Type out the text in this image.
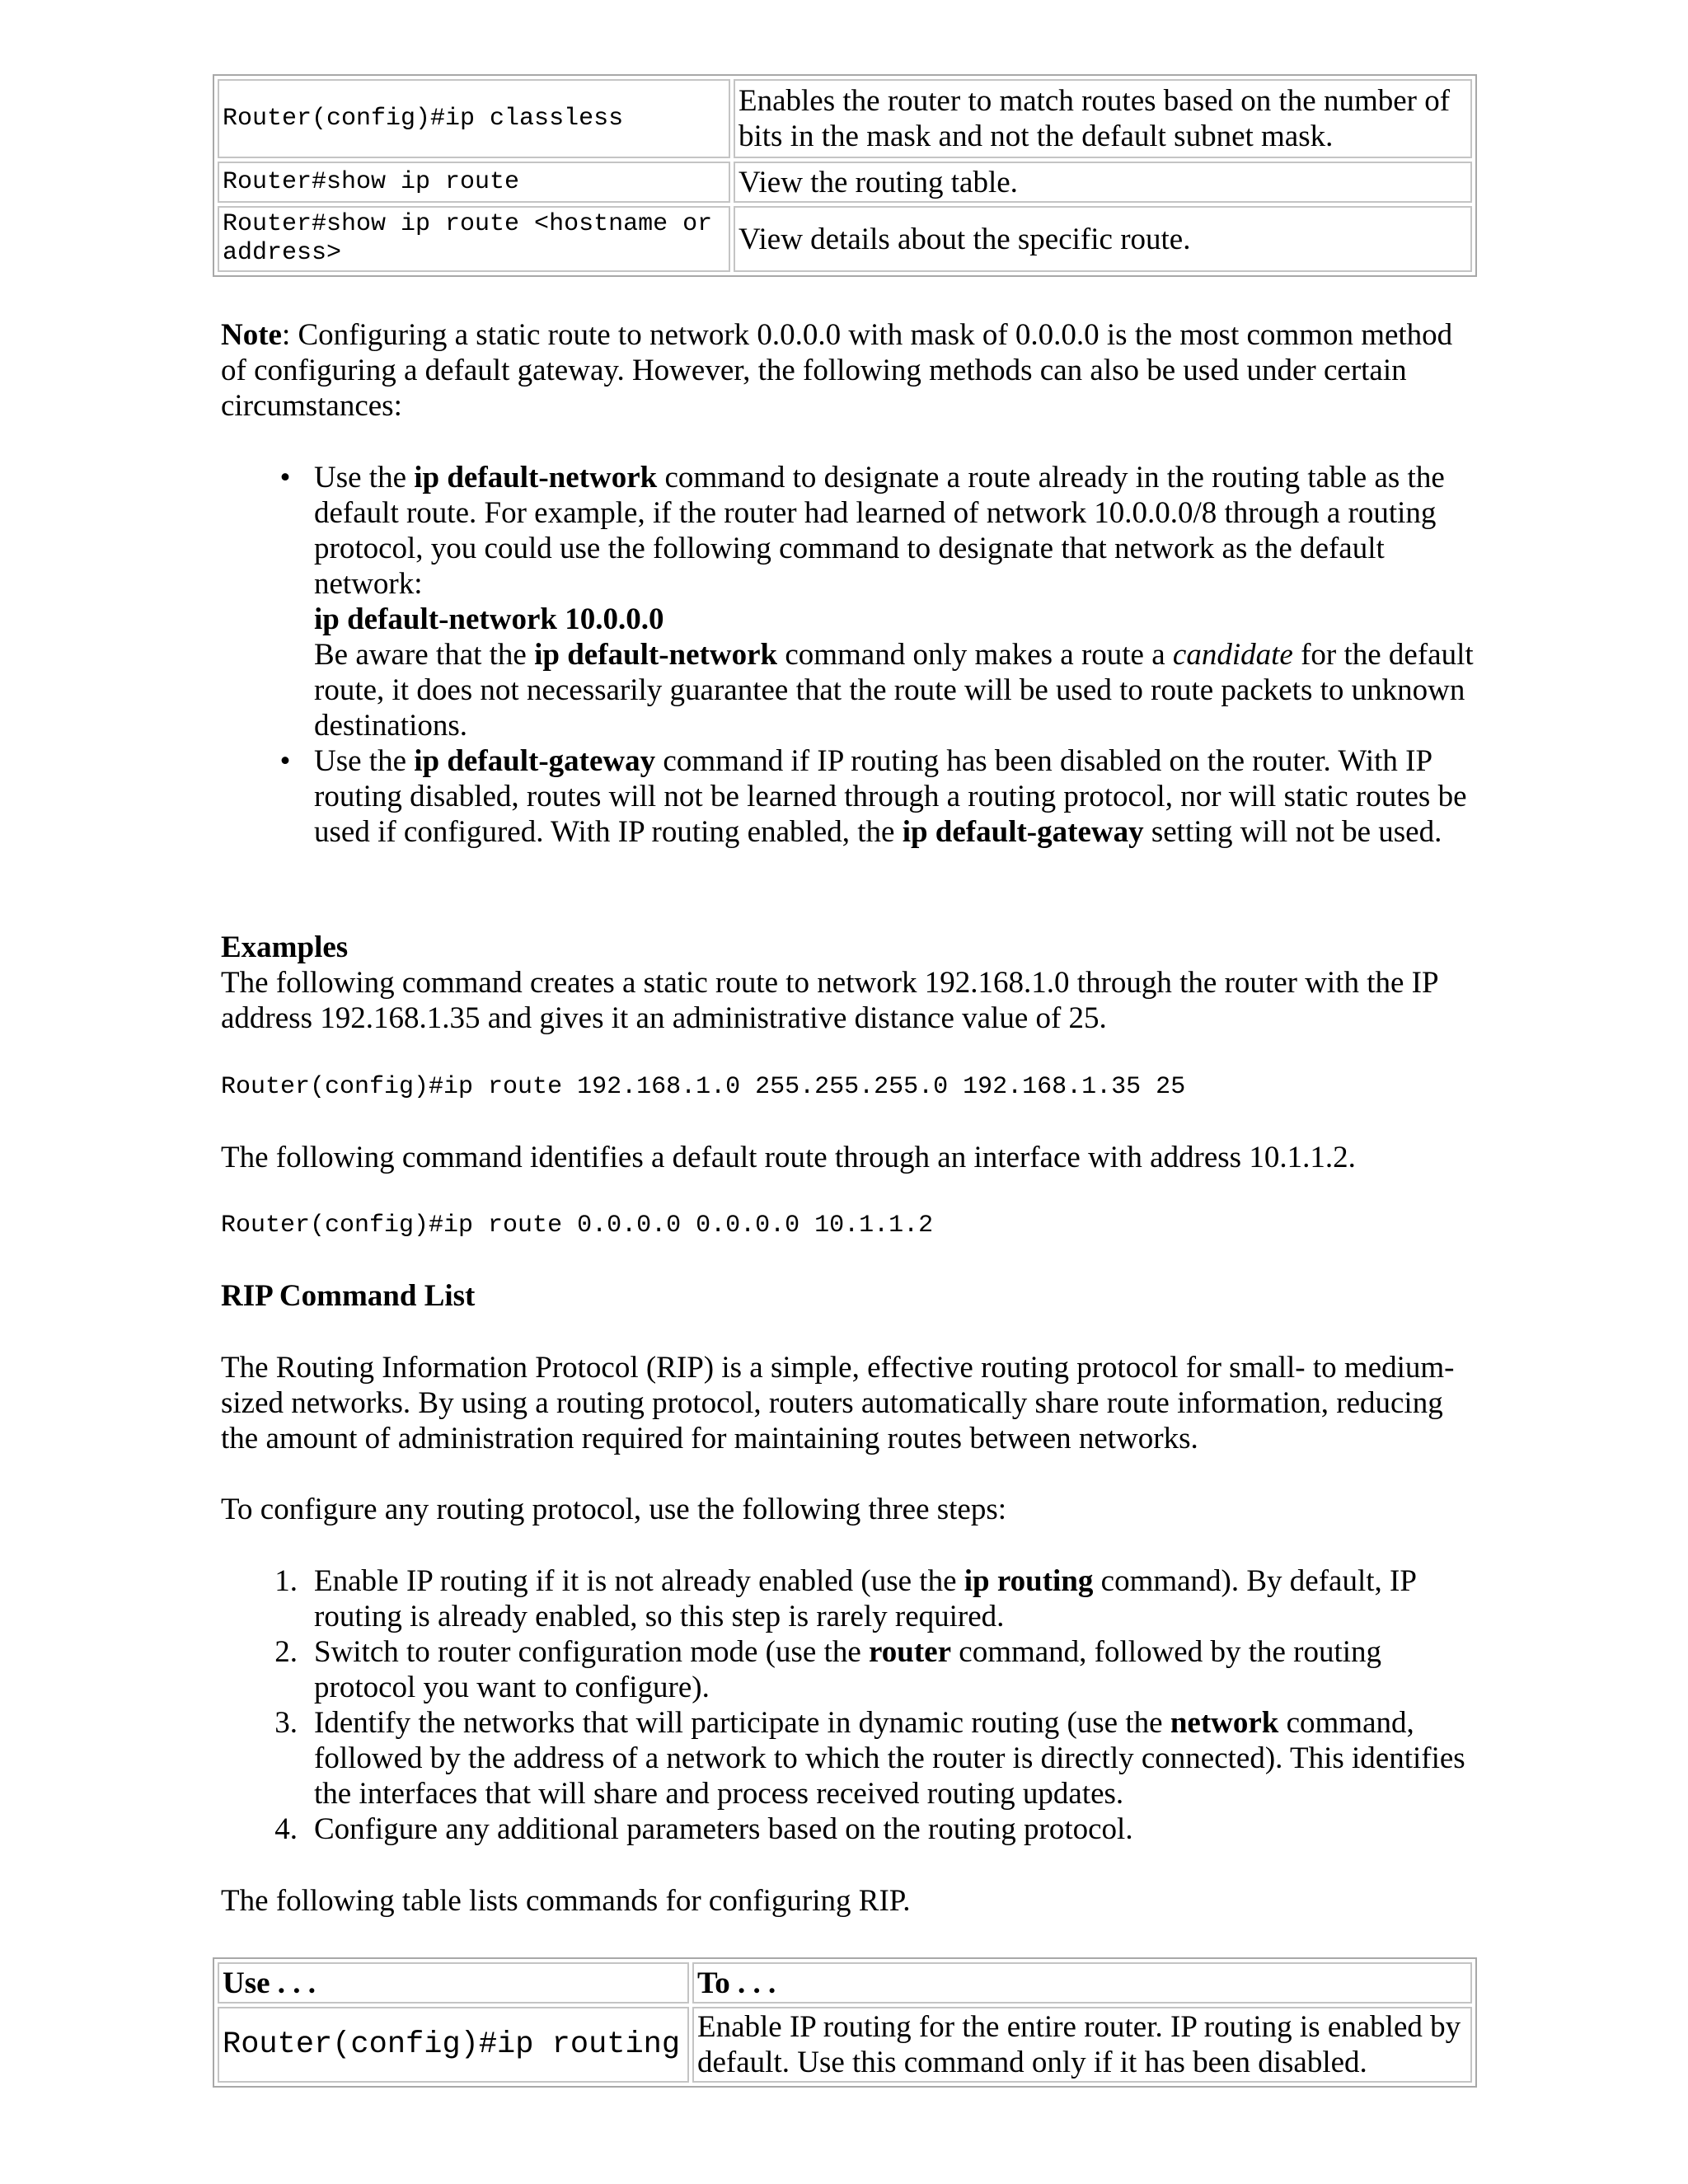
Router(config)#ip classless	Enables the router to match routes based on the number of bits in the mask and not the default subnet mask.
Router#show ip route	View the routing table.
Router#show ip route <hostname or address>	View details about the specific route.

Note: Configuring a static route to network 0.0.0.0 with mask of 0.0.0.0 is the most common method of configuring a default gateway. However, the following methods can also be used under certain circumstances:

• Use the ip default-network command to designate a route already in the routing table as the default route. For example, if the router had learned of network 10.0.0.0/8 through a routing protocol, you could use the following command to designate that network as the default network:
ip default-network 10.0.0.0
Be aware that the ip default-network command only makes a route a candidate for the default route, it does not necessarily guarantee that the route will be used to route packets to unknown destinations.
• Use the ip default-gateway command if IP routing has been disabled on the router. With IP routing disabled, routes will not be learned through a routing protocol, nor will static routes be used if configured. With IP routing enabled, the ip default-gateway setting will not be used.

Examples
The following command creates a static route to network 192.168.1.0 through the router with the IP address 192.168.1.35 and gives it an administrative distance value of 25.

Router(config)#ip route 192.168.1.0 255.255.255.0 192.168.1.35 25

The following command identifies a default route through an interface with address 10.1.1.2.

Router(config)#ip route 0.0.0.0 0.0.0.0 10.1.1.2

RIP Command List

The Routing Information Protocol (RIP) is a simple, effective routing protocol for small- to medium-sized networks. By using a routing protocol, routers automatically share route information, reducing the amount of administration required for maintaining routes between networks.

To configure any routing protocol, use the following three steps:

1. Enable IP routing if it is not already enabled (use the ip routing command). By default, IP routing is already enabled, so this step is rarely required.
2. Switch to router configuration mode (use the router command, followed by the routing protocol you want to configure).
3. Identify the networks that will participate in dynamic routing (use the network command, followed by the address of a network to which the router is directly connected). This identifies the interfaces that will share and process received routing updates.
4. Configure any additional parameters based on the routing protocol.

The following table lists commands for configuring RIP.

Use . . .	To . . .
Router(config)#ip routing	Enable IP routing for the entire router. IP routing is enabled by default. Use this command only if it has been disabled.
